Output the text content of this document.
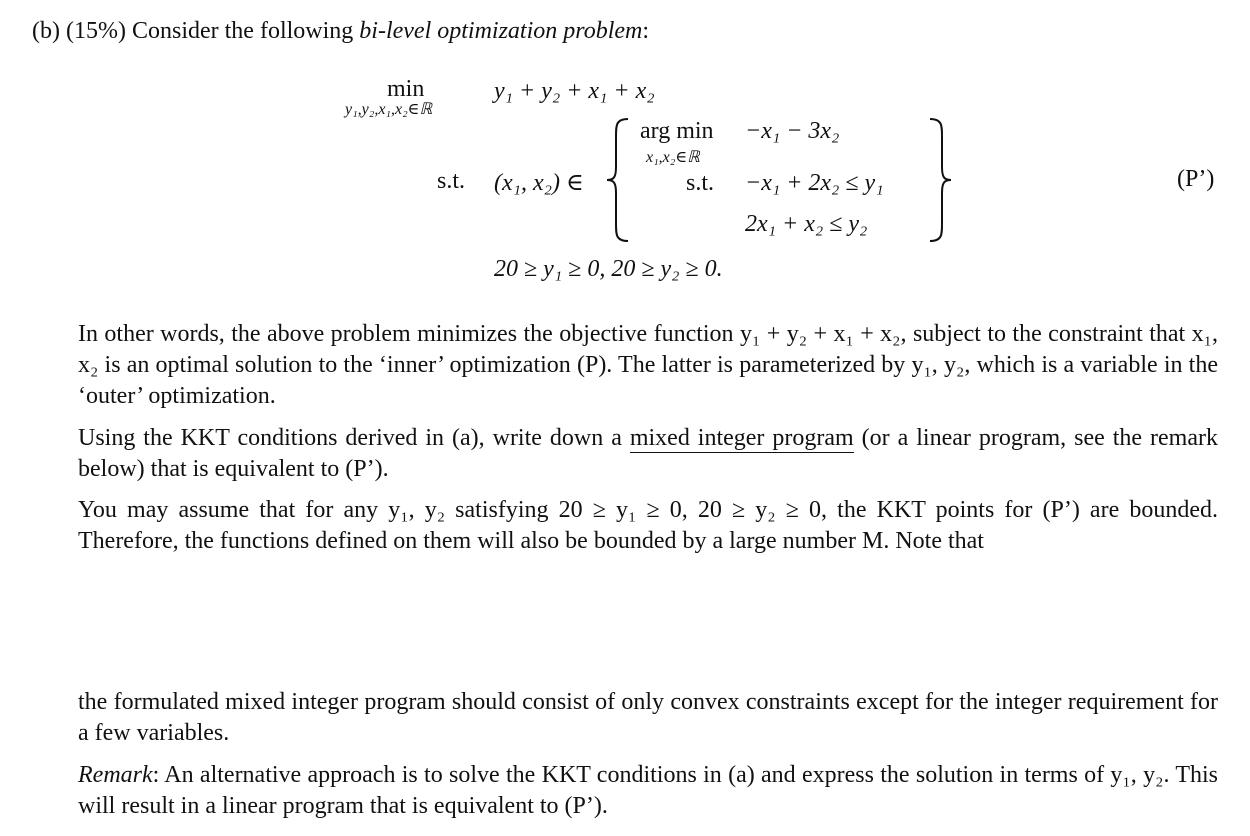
(b) (15%) Consider the following bi-level optimization problem:
min
y₁,y₂,x₁,x₂∈ℝ
y₁ + y₂ + x₁ + x₂
s.t. (x₁, x₂) ∈
arg min
x₁,x₂∈ℝ
−x₁ − 3x₂
s.t. −x₁ + 2x₂ ≤ y₁
2x₁ + x₂ ≤ y₂
(P’)
20 ≥ y₁ ≥ 0, 20 ≥ y₂ ≥ 0.
In other words, the above problem minimizes the objective function y₁ + y₂ + x₁ + x₂, subject to the constraint that x₁, x₂ is an optimal solution to the ‘inner’ optimization (P). The latter is parameterized by y₁, y₂, which is a variable in the ‘outer’ optimization.
Using the KKT conditions derived in (a), write down a mixed integer program (or a linear program, see the remark below) that is equivalent to (P’).
You may assume that for any y₁, y₂ satisfying 20 ≥ y₁ ≥ 0, 20 ≥ y₂ ≥ 0, the KKT points for (P’) are bounded. Therefore, the functions defined on them will also be bounded by a large number M. Note that
the formulated mixed integer program should consist of only convex constraints except for the integer requirement for a few variables.
Remark: An alternative approach is to solve the KKT conditions in (a) and express the solution in terms of y₁, y₂. This will result in a linear program that is equivalent to (P’).
